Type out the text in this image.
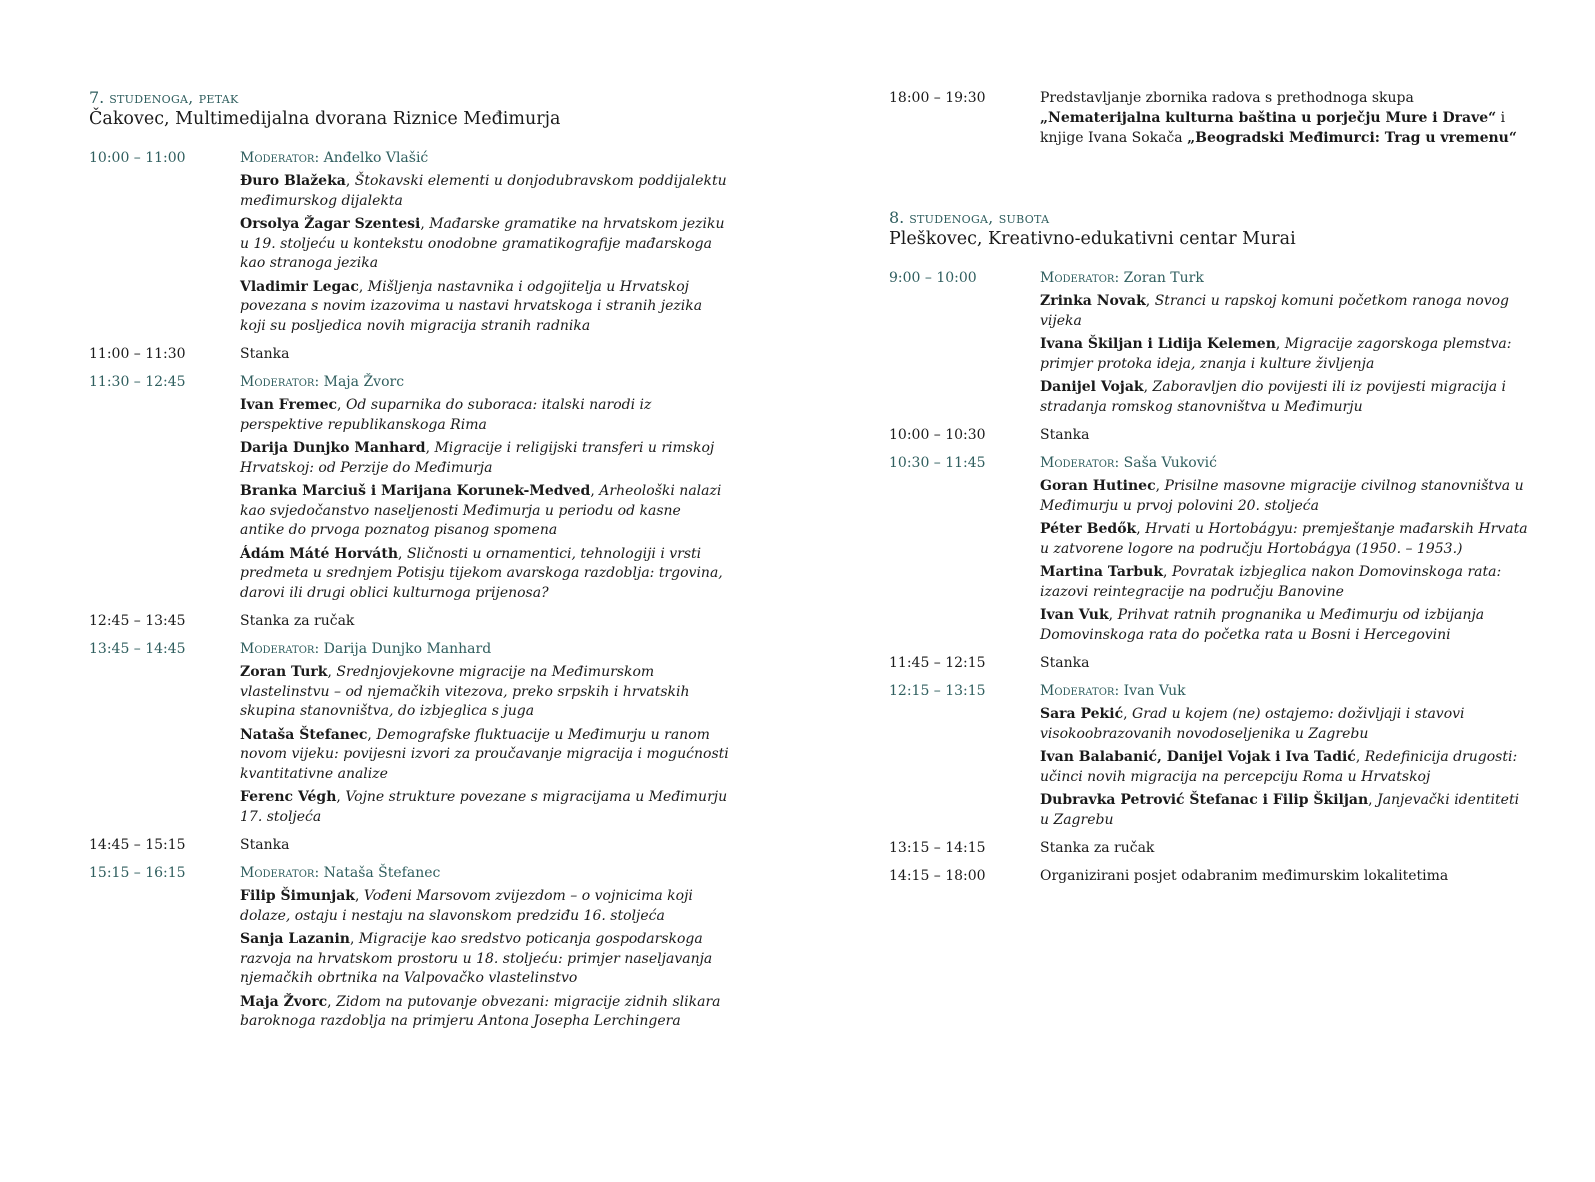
7. studenoga, petak
Čakovec, Multimedijalna dvorana Riznice Međimurja
10:00 – 11:00	Moderator: Anđelko Vlašić
Đuro Blažeka, Štokavski elementi u donjodubravskom poddijalektu međimurskog dijalekta
Orsolya Žagar Szentesi, Mađarske gramatike na hrvatskom jeziku u 19. stoljeću u kontekstu onodobne gramatikografije mađarskoga kao stranoga jezika
Vladimir Legac, Mišljenja nastavnika i odgojitelja u Hrvatskoj povezana s novim izazovima u nastavi hrvatskoga i stranih jezika koji su posljedica novih migracija stranih radnika
11:00 – 11:30	Stanka
11:30 – 12:45	Moderator: Maja Žvorc
Ivan Fremec, Od suparnika do suboraca: italski narodi iz perspektive republikanskoga Rima
Darija Dunjko Manhard, Migracije i religijski transferi u rimskoj Hrvatskoj: od Perzije do Međimurja
Branka Marciuš i Marijana Korunek-Medved, Arheološki nalazi kao svjedočanstvo naseljenosti Međimurja u periodu od kasne antike do prvoga poznatog pisanog spomena
Ádám Máté Horváth, Sličnosti u ornamentici, tehnologiji i vrsti predmeta u srednjem Potisju tijekom avarskoga razdoblja: trgovina, darovi ili drugi oblici kulturnoga prijenosa?
12:45 – 13:45	Stanka za ručak
13:45 – 14:45	Moderator: Darija Dunjko Manhard
Zoran Turk, Srednjovjekovne migracije na Međimurskom vlastelinstvu – od njemačkih vitezova, preko srpskih i hrvatskih skupina stanovništva, do izbjeglica s juga
Nataša Štefanec, Demografske fluktuacije u Međimurju u ranom novom vijeku: povijesni izvori za proučavanje migracija i mogućnosti kvantitativne analize
Ferenc Végh, Vojne strukture povezane s migracijama u Međimurju 17. stoljeća
14:45 – 15:15	Stanka
15:15 – 16:15	Moderator: Nataša Štefanec
Filip Šimunjak, Vođeni Marsovom zvijezdom – o vojnicima koji dolaze, ostaju i nestaju na slavonskom predziđu 16. stoljeća
Sanja Lazanin, Migracije kao sredstvo poticanja gospodarskoga razvoja na hrvatskom prostoru u 18. stoljeću: primjer naseljavanja njemačkih obrtnika na Valpovačko vlastelinstvo
Maja Žvorc, Zidom na putovanje obvezani: migracije zidnih slikara baroknoga razdoblja na primjeru Antona Josepha Lerchingera
18:00 – 19:30	Predstavljanje zbornika radova s prethodnoga skupa „Nematerijalna kulturna baština u porječju Mure i Drave“ i knjige Ivana Sokača „Beogradski Međimurci: Trag u vremenu“
8. studenoga, subota
Pleškovec, Kreativno-edukativni centar Murai
9:00 – 10:00	Moderator: Zoran Turk
Zrinka Novak, Stranci u rapskoj komuni početkom ranoga novog vijeka
Ivana Škiljan i Lidija Kelemen, Migracije zagorskoga plemstva: primjer protoka ideja, znanja i kulture življenja
Danijel Vojak, Zaboravljen dio povijesti ili iz povijesti migracija i stradanja romskog stanovništva u Međimurju
10:00 – 10:30	Stanka
10:30 – 11:45	Moderator: Saša Vuković
Goran Hutinec, Prisilne masovne migracije civilnog stanovništva u Međimurju u prvoj polovini 20. stoljeća
Péter Bedők, Hrvati u Hortobágyu: premještanje mađarskih Hrvata u zatvorene logore na području Hortobágya (1950. – 1953.)
Martina Tarbuk, Povratak izbjeglica nakon Domovinskoga rata: izazovi reintegracije na području Banovine
Ivan Vuk, Prihvat ratnih prognanika u Međimurju od izbijanja Domovinskoga rata do početka rata u Bosni i Hercegovini
11:45 – 12:15	Stanka
12:15 – 13:15	Moderator: Ivan Vuk
Sara Pekić, Grad u kojem (ne) ostajemo: doživljaji i stavovi visokoobrazovanih novodoseljenika u Zagrebu
Ivan Balabanić, Danijel Vojak i Iva Tadić, Redefinicija drugosti: učinci novih migracija na percepciju Roma u Hrvatskoj
Dubravka Petrović Štefanac i Filip Škiljan, Janjevački identiteti u Zagrebu
13:15 – 14:15	Stanka za ručak
14:15 – 18:00	Organizirani posjet odabranim međimurskim lokalitetima
